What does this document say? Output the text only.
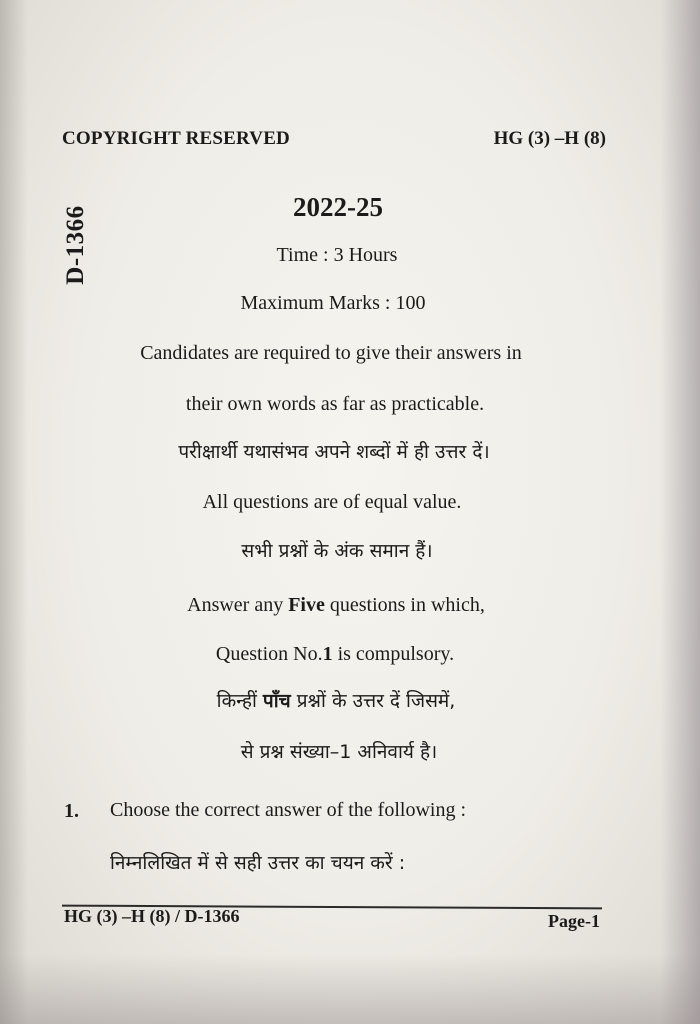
COPYRIGHT RESERVED	HG (3) –H (8)
D-1366	2022-25
Time : 3 Hours
Maximum Marks : 100
Candidates are required to give their answers in
their own words as far as practicable.
परीक्षार्थी यथासंभव अपने शब्दों में ही उत्तर दें।
All questions are of equal value.
सभी प्रश्नों के अंक समान हैं।
Answer any Five questions in which,
Question No.1 is compulsory.
किन्हीं पाँच प्रश्नों के उत्तर दें जिसमें,
से प्रश्न संख्या–1 अनिवार्य है।
1. Choose the correct answer of the following :
निम्नलिखित में से सही उत्तर का चयन करें :
HG (3) –H (8) / D-1366	Page-1
